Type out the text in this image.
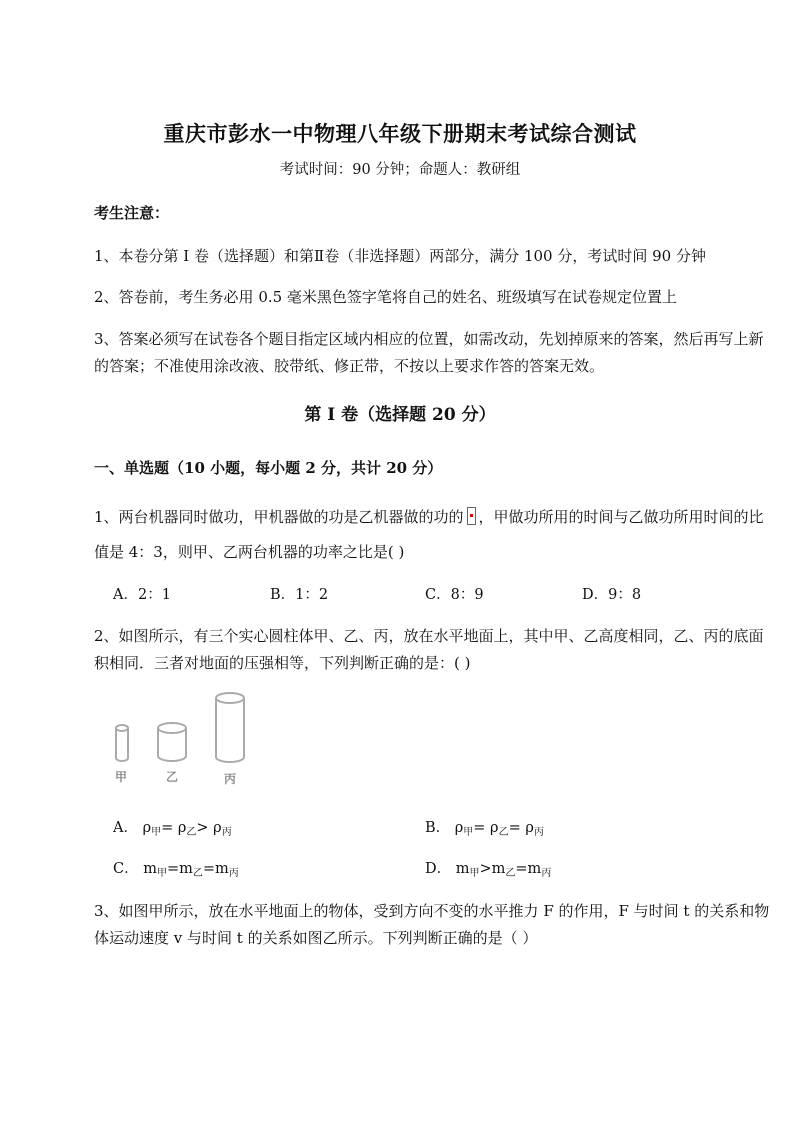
重庆市彭水一中物理八年级下册期末考试综合测试
考试时间：90 分钟；命题人：教研组
考生注意：
1、本卷分第 I 卷（选择题）和第Ⅱ卷（非选择题）两部分，满分 100 分，考试时间 90 分钟
2、答卷前，考生务必用 0.5 毫米黑色签字笔将自己的姓名、班级填写在试卷规定位置上
3、答案必须写在试卷各个题目指定区域内相应的位置，如需改动，先划掉原来的答案，然后再写上新
的答案；不准使用涂改液、胶带纸、修正带，不按以上要求作答的答案无效。
第 I 卷（选择题 20 分）
一、单选题（10 小题，每小题 2 分，共计 20 分）
1、两台机器同时做功，甲机器做的功是乙机器做的功的 ，甲做功所用的时间与乙做功所用时间的比
值是 4：3，则甲、乙两台机器的功率之比是( )
A．2：1	B．1：2	C．8：9	D．9：8
2、如图所示，有三个实心圆柱体甲、乙、丙，放在水平地面上，其中甲、乙高度相同，乙、丙的底面
积相同．三者对地面的压强相等，下列判断正确的是：( )
甲	乙	丙
A． $\rho_甲= \rho_乙> \rho_丙$	B． $\rho_甲= \rho_乙= \rho_丙$
C． $m_甲=m_乙=m_丙$	D． $m_甲>m_乙=m_丙$
3、如图甲所示，放在水平地面上的物体，受到方向不变的水平推力 F 的作用，F 与时间 t 的关系和物
体运动速度 v 与时间 t 的关系如图乙所示。下列判断正确的是（ ）
